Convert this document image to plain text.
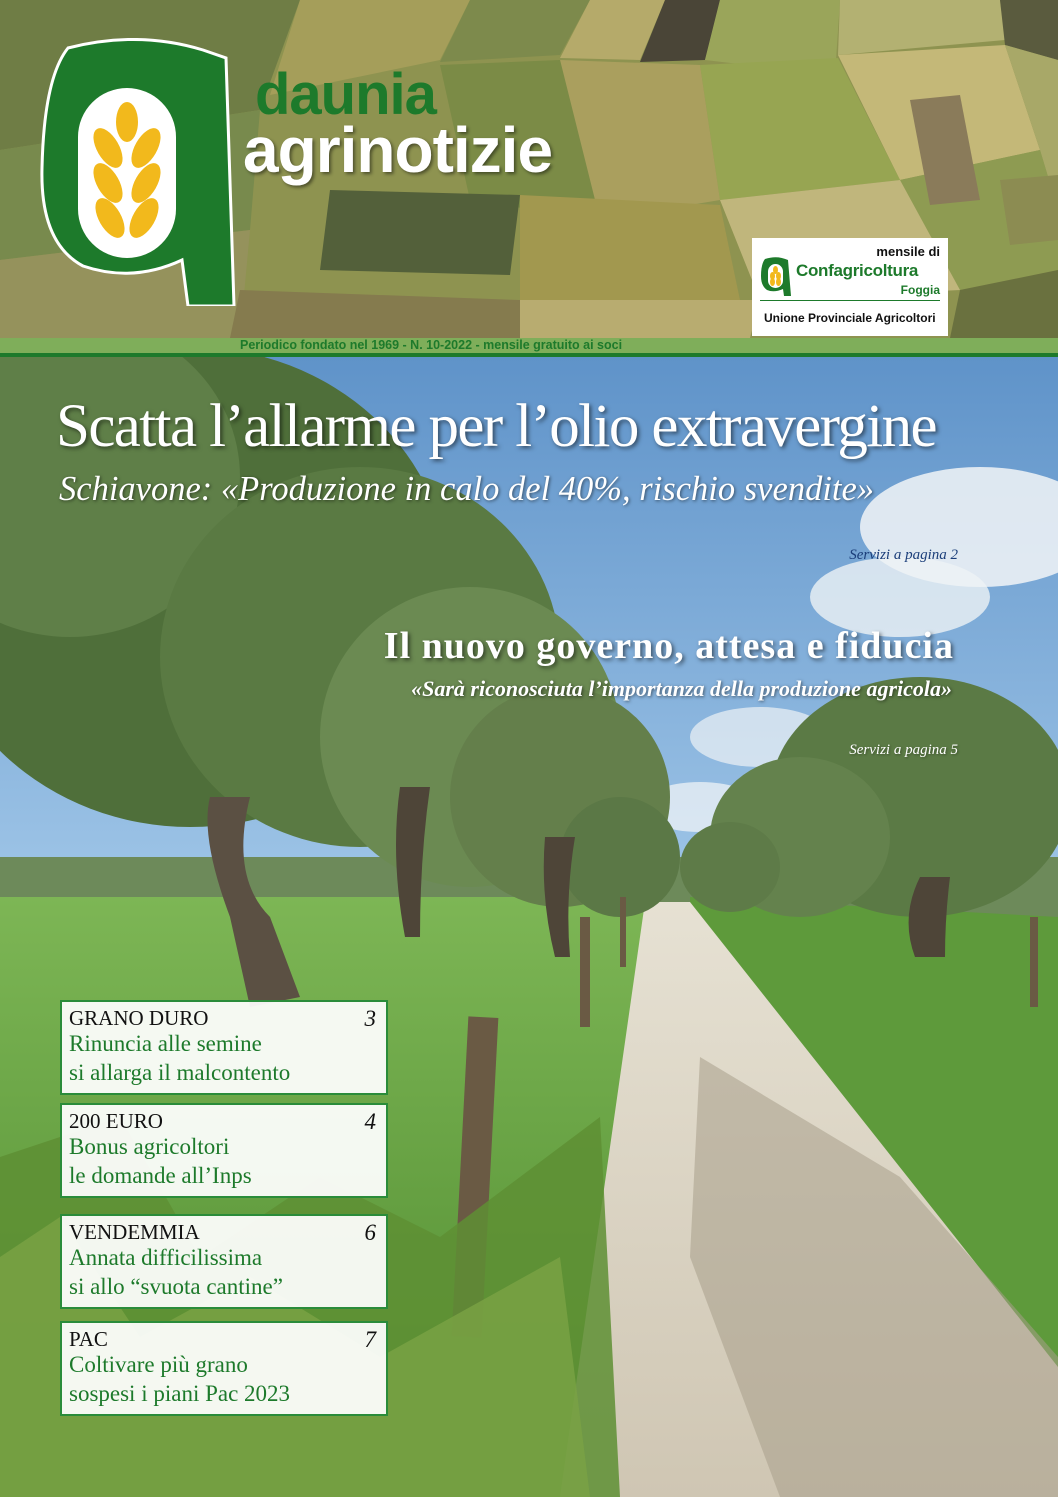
daunia
agrinotizie
mensile di
Confagricoltura
Foggia
Unione Provinciale Agricoltori
Periodico fondato nel 1969 - N. 10-2022 - mensile gratuito ai soci
Scatta l’allarme per l’olio extravergine
Schiavone: «Produzione in calo del 40%, rischio svendite»
Servizi a pagina 2
Il nuovo governo, attesa e fiducia
«Sarà riconosciuta l’importanza della produzione agricola»
Servizi a pagina 5
GRANO DURO	3
Rinuncia alle semine
si allarga il malcontento
200 EURO	4
Bonus agricoltori
le domande all’Inps
VENDEMMIA	6
Annata difficilissima
si allo “svuota cantine”
PAC	7
Coltivare più grano
sospesi i piani Pac 2023
